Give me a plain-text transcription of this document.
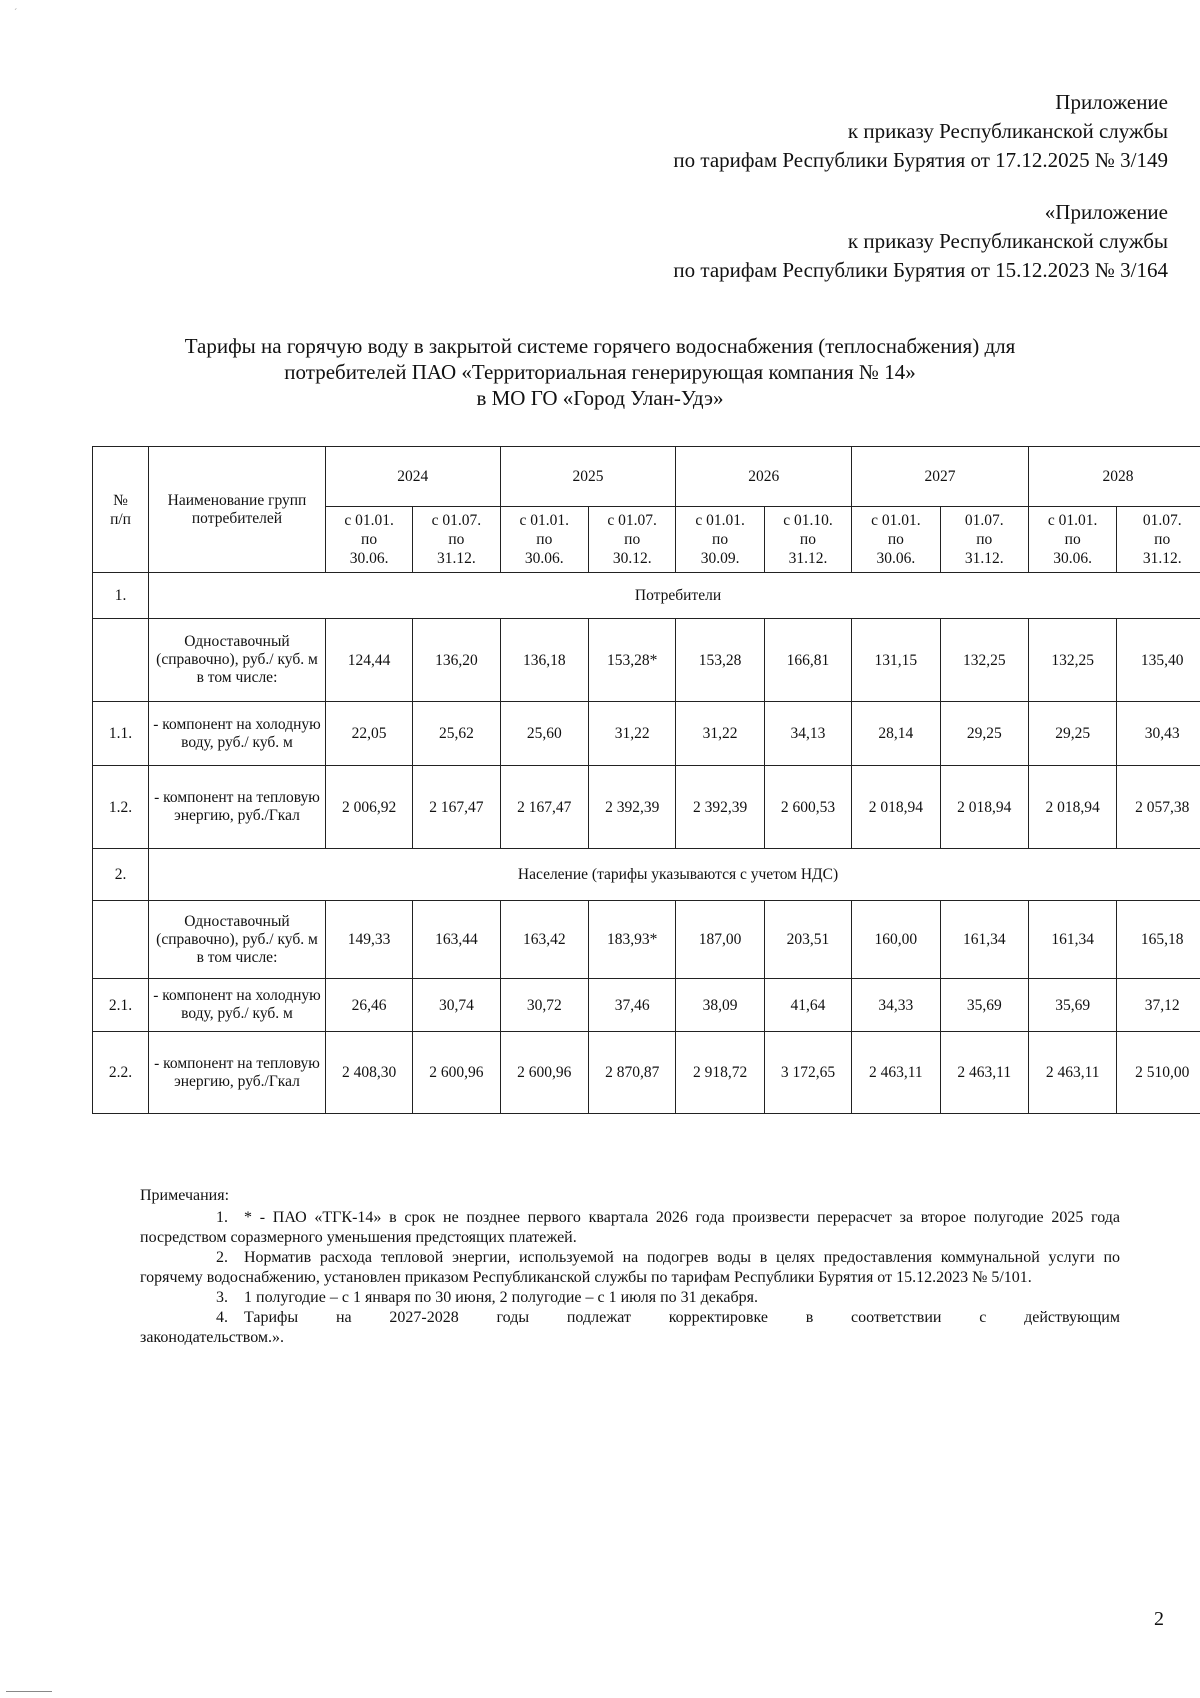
´
Приложение
к приказу Республиканской службы
по тарифам Республики Бурятия от 17.12.2025 № 3/149
«Приложение
к приказу Республиканской службы
по тарифам Республики Бурятия от 15.12.2023 № 3/164
Тарифы на горячую воду в закрытой системе горячего водоснабжения (теплоснабжения) для
потребителей ПАО «Территориальная генерирующая компания № 14»
в МО ГО «Город Улан-Удэ»
№
п/п	Наименование групп потребителей	2024		2025		2026		2027		2028	

		с 01.01.
по
30.06.	с 01.07.
по
31.12.	с 01.01.
по
30.06.	с 01.07.
по
30.12.	с 01.01.
по
30.09.	с 01.10.
по
31.12.	с 01.01.
по
30.06.	01.07.
по
31.12.	с 01.01.
по
30.06.	01.07.
по
31.12.

1.	Потребители										
	Одноставочный (справочно), руб./ куб. м в том числе:	124,44	136,20	136,18	153,28*	153,28	166,81	131,15	132,25	132,25	135,40
1.1.	- компонент на холодную воду, руб./ куб. м	22,05	25,62	25,60	31,22	31,22	34,13	28,14	29,25	29,25	30,43
1.2.	- компонент на тепловую энергию, руб./Гкал	2 006,92	2 167,47	2 167,47	2 392,39	2 392,39	2 600,53	2 018,94	2 018,94	2 018,94	2 057,38
2.	Население (тарифы указываются с учетом НДС)										
	Одноставочный (справочно), руб./ куб. м в том числе:	149,33	163,44	163,42	183,93*	187,00	203,51	160,00	161,34	161,34	165,18
2.1.	- компонент на холодную воду, руб./ куб. м	26,46	30,74	30,72	37,46	38,09	41,64	34,33	35,69	35,69	37,12
2.2.	- компонент на тепловую энергию, руб./Гкал	2 408,30	2 600,96	2 600,96	2 870,87	2 918,72	3 172,65	2 463,11	2 463,11	2 463,11	2 510,00
Примечания:

1. * - ПАО «ТГК-14» в срок не позднее первого квартала 2026 года произвести перерасчет за второе полугодие 2025 года посредством соразмерного уменьшения предстоящих платежей.

2. Норматив расхода тепловой энергии, используемой на подогрев воды в целях предоставления коммунальной услуги по горячему водоснабжению, установлен приказом Республиканской службы по тарифам Республики Бурятия от 15.12.2023 № 5/101.

3. 1 полугодие – с 1 января по 30 июня, 2 полугодие – с 1 июля по 31 декабря.

4. Тарифы на 2027-2028 годы подлежат корректировке в соответствии с действующим

законодательством.».

2
